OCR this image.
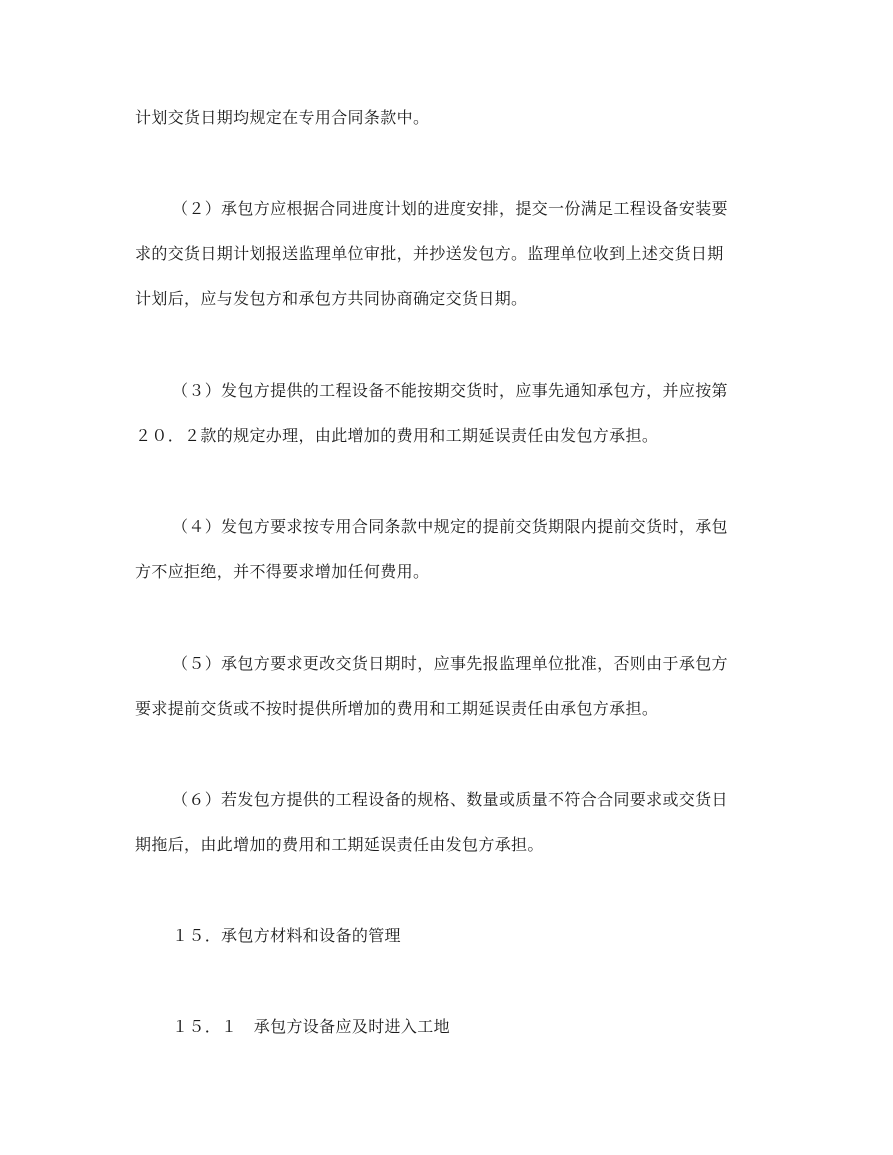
计划交货日期均规定在专用合同条款中。
（２）承包方应根据合同进度计划的进度安排，提交一份满足工程设备安装要
求的交货日期计划报送监理单位审批，并抄送发包方。监理单位收到上述交货日期
计划后，应与发包方和承包方共同协商确定交货日期。
（３）发包方提供的工程设备不能按期交货时，应事先通知承包方，并应按第
２０．２款的规定办理，由此增加的费用和工期延误责任由发包方承担。
（４）发包方要求按专用合同条款中规定的提前交货期限内提前交货时，承包
方不应拒绝，并不得要求增加任何费用。
（５）承包方要求更改交货日期时，应事先报监理单位批准，否则由于承包方
要求提前交货或不按时提供所增加的费用和工期延误责任由承包方承担。
（６）若发包方提供的工程设备的规格、数量或质量不符合合同要求或交货日
期拖后，由此增加的费用和工期延误责任由发包方承担。
１５．承包方材料和设备的管理
１５．１　承包方设备应及时进入工地
